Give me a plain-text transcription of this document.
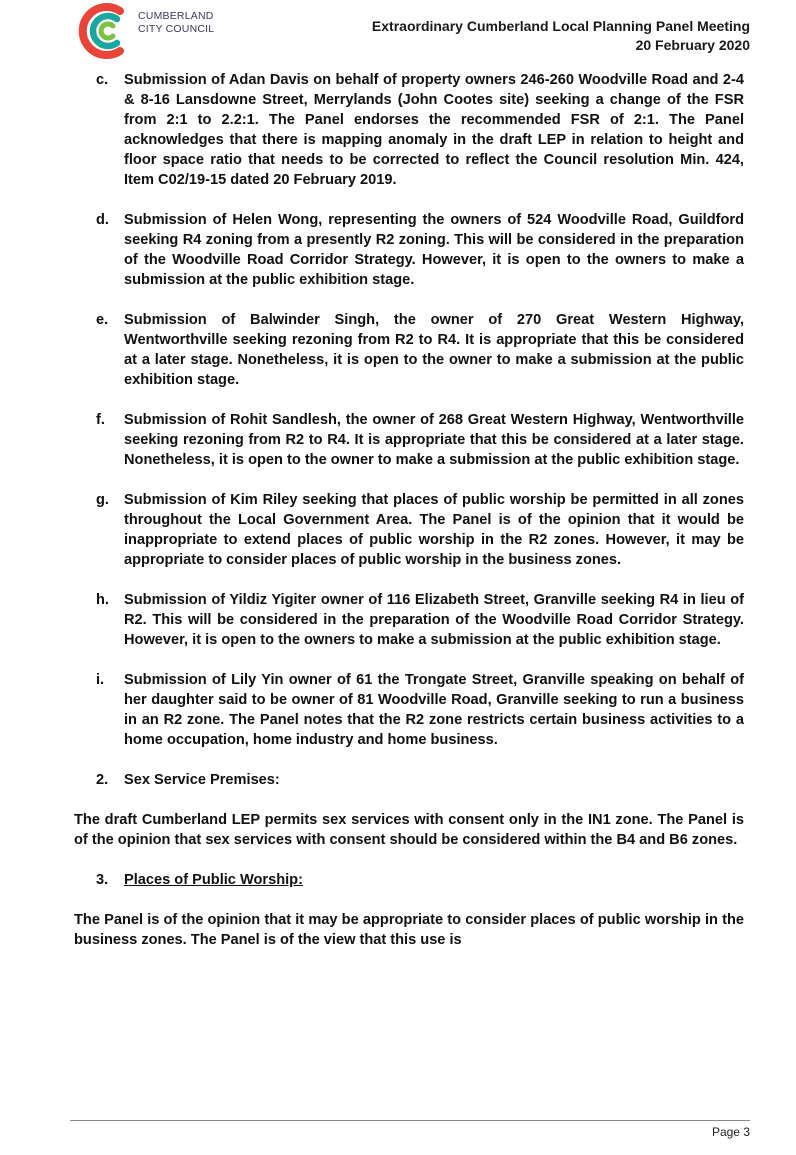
CUMBERLAND
CITY COUNCIL	Extraordinary Cumberland Local Planning Panel Meeting
20 February 2020
c.	Submission of Adan Davis on behalf of property owners 246-260 Woodville Road and 2-4 & 8-16 Lansdowne Street, Merrylands (John Cootes site) seeking a change of the FSR from 2:1 to 2.2:1. The Panel endorses the recommended FSR of 2:1. The Panel acknowledges that there is mapping anomaly in the draft LEP in relation to height and floor space ratio that needs to be corrected to reflect the Council resolution Min. 424, Item C02/19-15 dated 20 February 2019.
d.	Submission of Helen Wong, representing the owners of 524 Woodville Road, Guildford seeking R4 zoning from a presently R2 zoning. This will be considered in the preparation of the Woodville Road Corridor Strategy. However, it is open to the owners to make a submission at the public exhibition stage.
e.	Submission of Balwinder Singh, the owner of 270 Great Western Highway, Wentworthville seeking rezoning from R2 to R4. It is appropriate that this be considered at a later stage. Nonetheless, it is open to the owner to make a submission at the public exhibition stage.
f.	Submission of Rohit Sandlesh, the owner of 268 Great Western Highway, Wentworthville seeking rezoning from R2 to R4. It is appropriate that this be considered at a later stage. Nonetheless, it is open to the owner to make a submission at the public exhibition stage.
g.	Submission of Kim Riley seeking that places of public worship be permitted in all zones throughout the Local Government Area. The Panel is of the opinion that it would be inappropriate to extend places of public worship in the R2 zones. However, it may be appropriate to consider places of public worship in the business zones.
h.	Submission of Yildiz Yigiter owner of 116 Elizabeth Street, Granville seeking R4 in lieu of R2. This will be considered in the preparation of the Woodville Road Corridor Strategy. However, it is open to the owners to make a submission at the public exhibition stage.
i.	Submission of Lily Yin owner of 61 the Trongate Street, Granville speaking on behalf of her daughter said to be owner of 81 Woodville Road, Granville seeking to run a business in an R2 zone. The Panel notes that the R2 zone restricts certain business activities to a home occupation, home industry and home business.
2.	Sex Service Premises:
The draft Cumberland LEP permits sex services with consent only in the IN1 zone. The Panel is of the opinion that sex services with consent should be considered within the B4 and B6 zones.
3.	Places of Public Worship:
The Panel is of the opinion that it may be appropriate to consider places of public worship in the business zones. The Panel is of the view that this use is
Page 3
